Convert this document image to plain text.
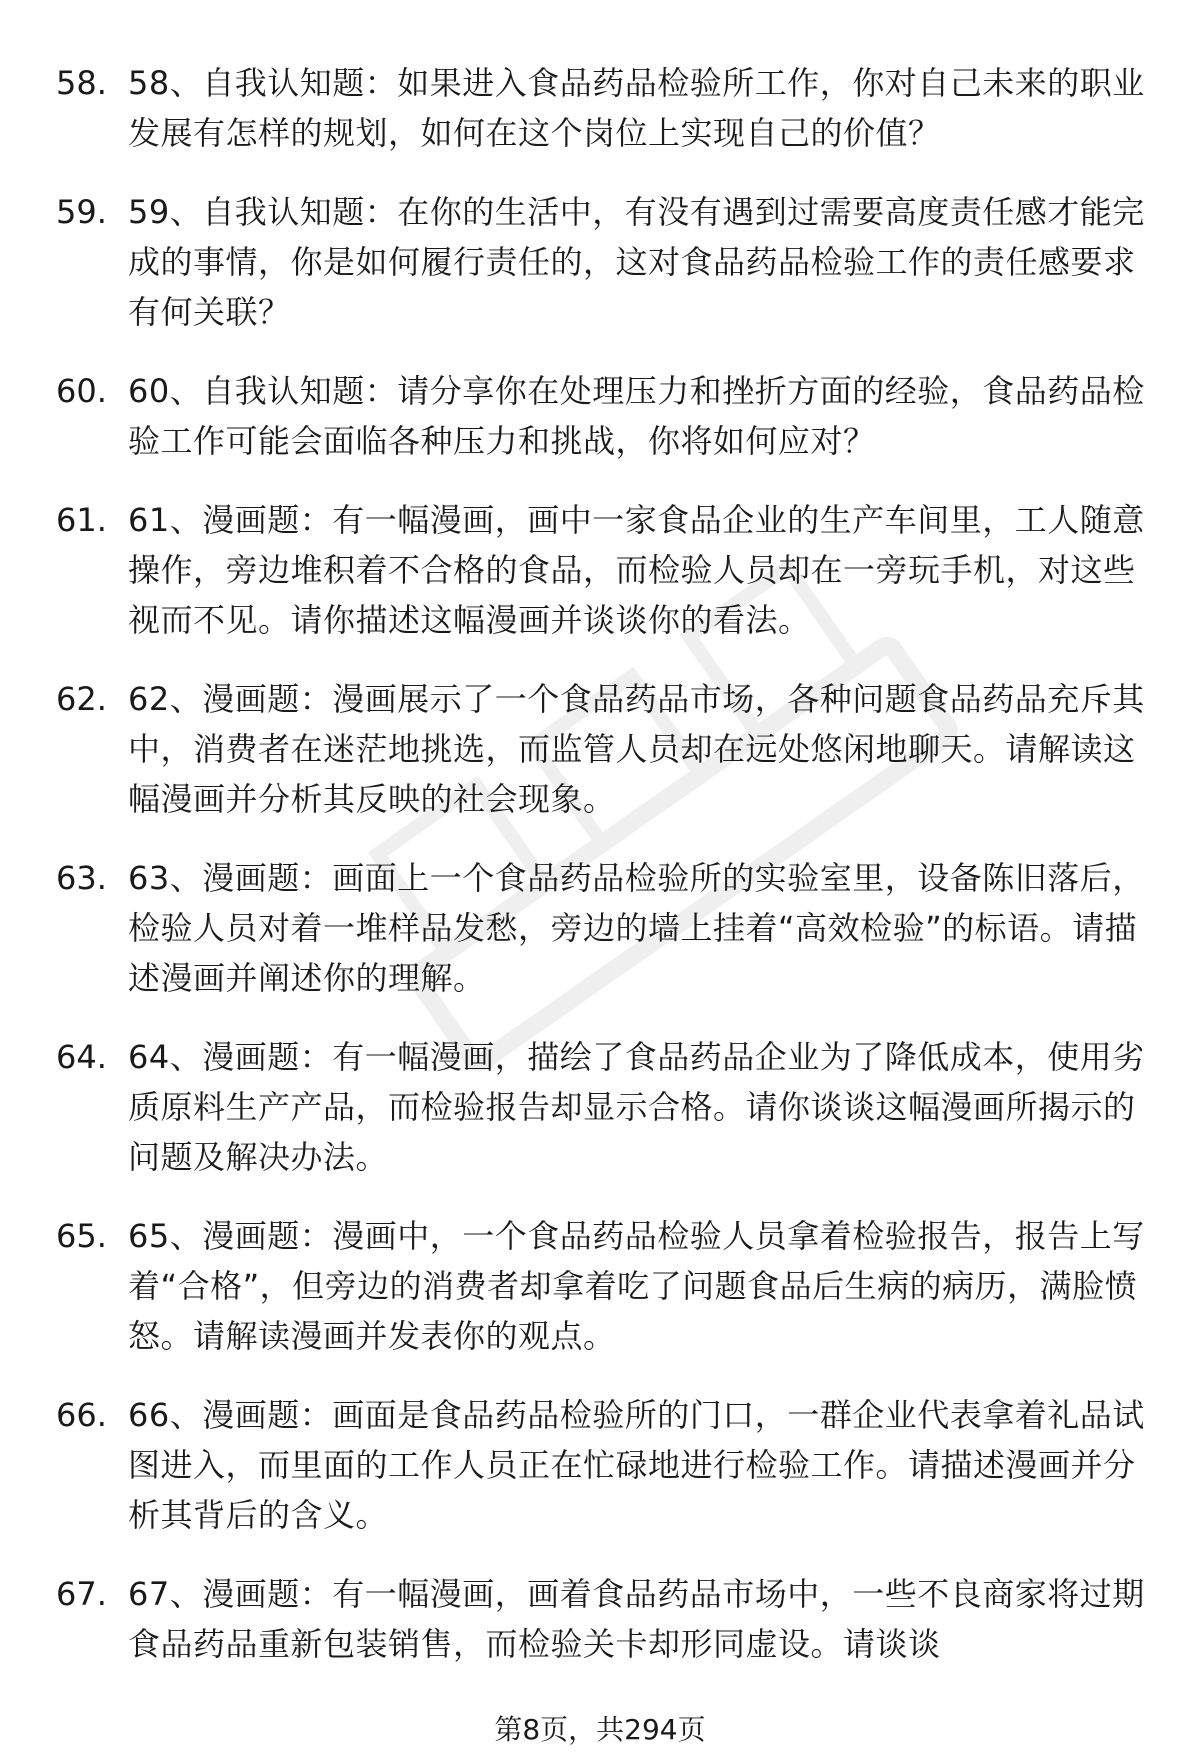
58. 58、自我认知题：如果进入食品药品检验所工作，你对自己未来的职业发展有怎样的规划，如何在这个岗位上实现自己的价值？
59. 59、自我认知题：在你的生活中，有没有遇到过需要高度责任感才能完成的事情，你是如何履行责任的，这对食品药品检验工作的责任感要求有何关联？
60. 60、自我认知题：请分享你在处理压力和挫折方面的经验，食品药品检验工作可能会面临各种压力和挑战，你将如何应对？
61. 61、漫画题：有一幅漫画，画中一家食品企业的生产车间里，工人随意操作，旁边堆积着不合格的食品，而检验人员却在一旁玩手机，对这些视而不见。请你描述这幅漫画并谈谈你的看法。
62. 62、漫画题：漫画展示了一个食品药品市场，各种问题食品药品充斥其中，消费者在迷茫地挑选，而监管人员却在远处悠闲地聊天。请解读这幅漫画并分析其反映的社会现象。
63. 63、漫画题：画面上一个食品药品检验所的实验室里，设备陈旧落后，检验人员对着一堆样品发愁，旁边的墙上挂着“高效检验”的标语。请描述漫画并阐述你的理解。
64. 64、漫画题：有一幅漫画，描绘了食品药品企业为了降低成本，使用劣质原料生产产品，而检验报告却显示合格。请你谈谈这幅漫画所揭示的问题及解决办法。
65. 65、漫画题：漫画中，一个食品药品检验人员拿着检验报告，报告上写着“合格”，但旁边的消费者却拿着吃了问题食品后生病的病历，满脸愤怒。请解读漫画并发表你的观点。
66. 66、漫画题：画面是食品药品检验所的门口，一群企业代表拿着礼品试图进入，而里面的工作人员正在忙碌地进行检验工作。请描述漫画并分析其背后的含义。
67. 67、漫画题：有一幅漫画，画着食品药品市场中，一些不良商家将过期食品药品重新包装销售，而检验关卡却形同虚设。请谈谈
第8页，共294页
